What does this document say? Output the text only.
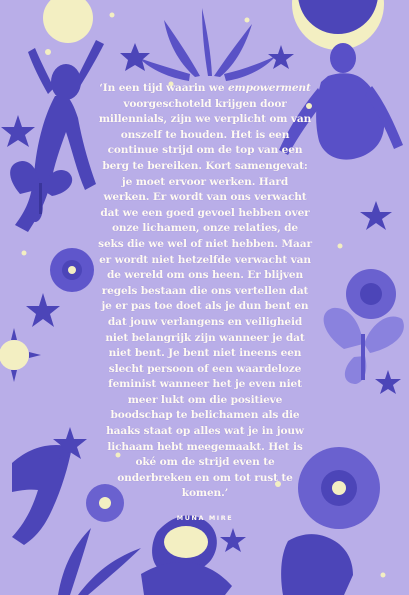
‘In een tijd waarin we empowerment voorgeschoteld krijgen door millennials, zijn we verplicht om van onszelf te houden. Het is een continue strijd om de top van een berg te bereiken. Kort samengevat: je moet ervoor werken. Hard werken. Er wordt van ons verwacht dat we een goed gevoel hebben over onze lichamen, onze relaties, de seks die we wel of niet hebben. Maar er wordt niet hetzelfde verwacht van de wereld om ons heen. Er blijven regels bestaan die ons vertellen dat je er pas toe doet als je dun bent en dat jouw verlangens en veiligheid niet belangrijk zijn wanneer je dat niet bent. Je bent niet ineens een slecht persoon of een waardeloze feminist wanneer het je even niet meer lukt om die positieve boodschap te belichamen als die haaks staat op alles wat je in jouw lichaam hebt meegemaakt. Het is oké om de strijd even te onderbreken en om tot rust te komen.’

MUNA MIRE
